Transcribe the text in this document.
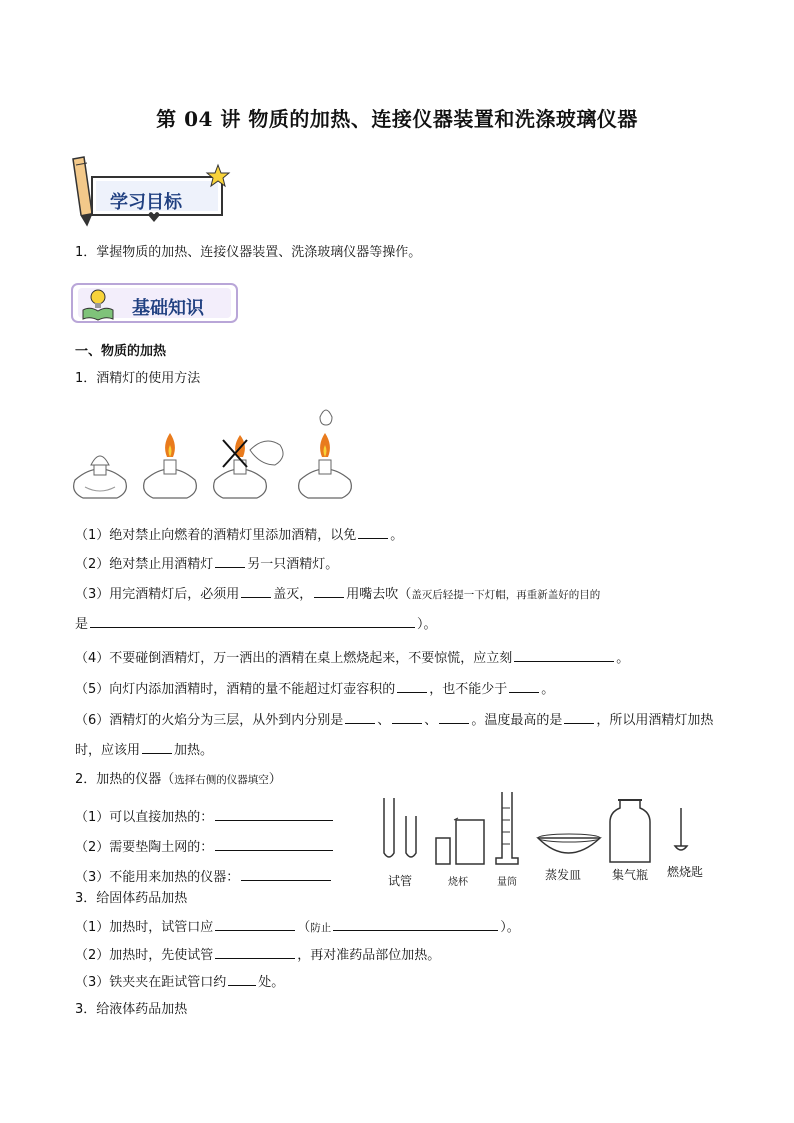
第 04 讲 物质的加热、连接仪器装置和洗涤玻璃仪器
学习目标
1．掌握物质的加热、连接仪器装置、洗涤玻璃仪器等操作。
基础知识
一、物质的加热
1．酒精灯的使用方法
（1）绝对禁止向燃着的酒精灯里添加酒精，以免	。
（2）绝对禁止用酒精灯	另一只酒精灯。
（3）用完酒精灯后，必须用	盖灭，	用嘴去吹（盖灭后轻提一下灯帽，再重新盖好的目的
是	）。
（4）不要碰倒酒精灯，万一洒出的酒精在桌上燃烧起来，不要惊慌，应立刻	。
（5）向灯内添加酒精时，酒精的量不能超过灯壶容积的	，也不能少于	。
（6）酒精灯的火焰分为三层，从外到内分别是	、	、	。温度最高的是	，所以用酒精灯加热
时，应该用	加热。
2．加热的仪器（选择右侧的仪器填空）
（1）可以直接加热的：
（2）需要垫陶土网的：
（3）不能用来加热的仪器：	试管	烧杯	量筒
蒸发皿	集气瓶 燃烧匙
3．给固体药品加热
（1）加热时，试管口应	（防止	）。
（2）加热时，先使试管	，再对准药品部位加热。
（3）铁夹夹在距试管口约 处。
3．给液体药品加热
